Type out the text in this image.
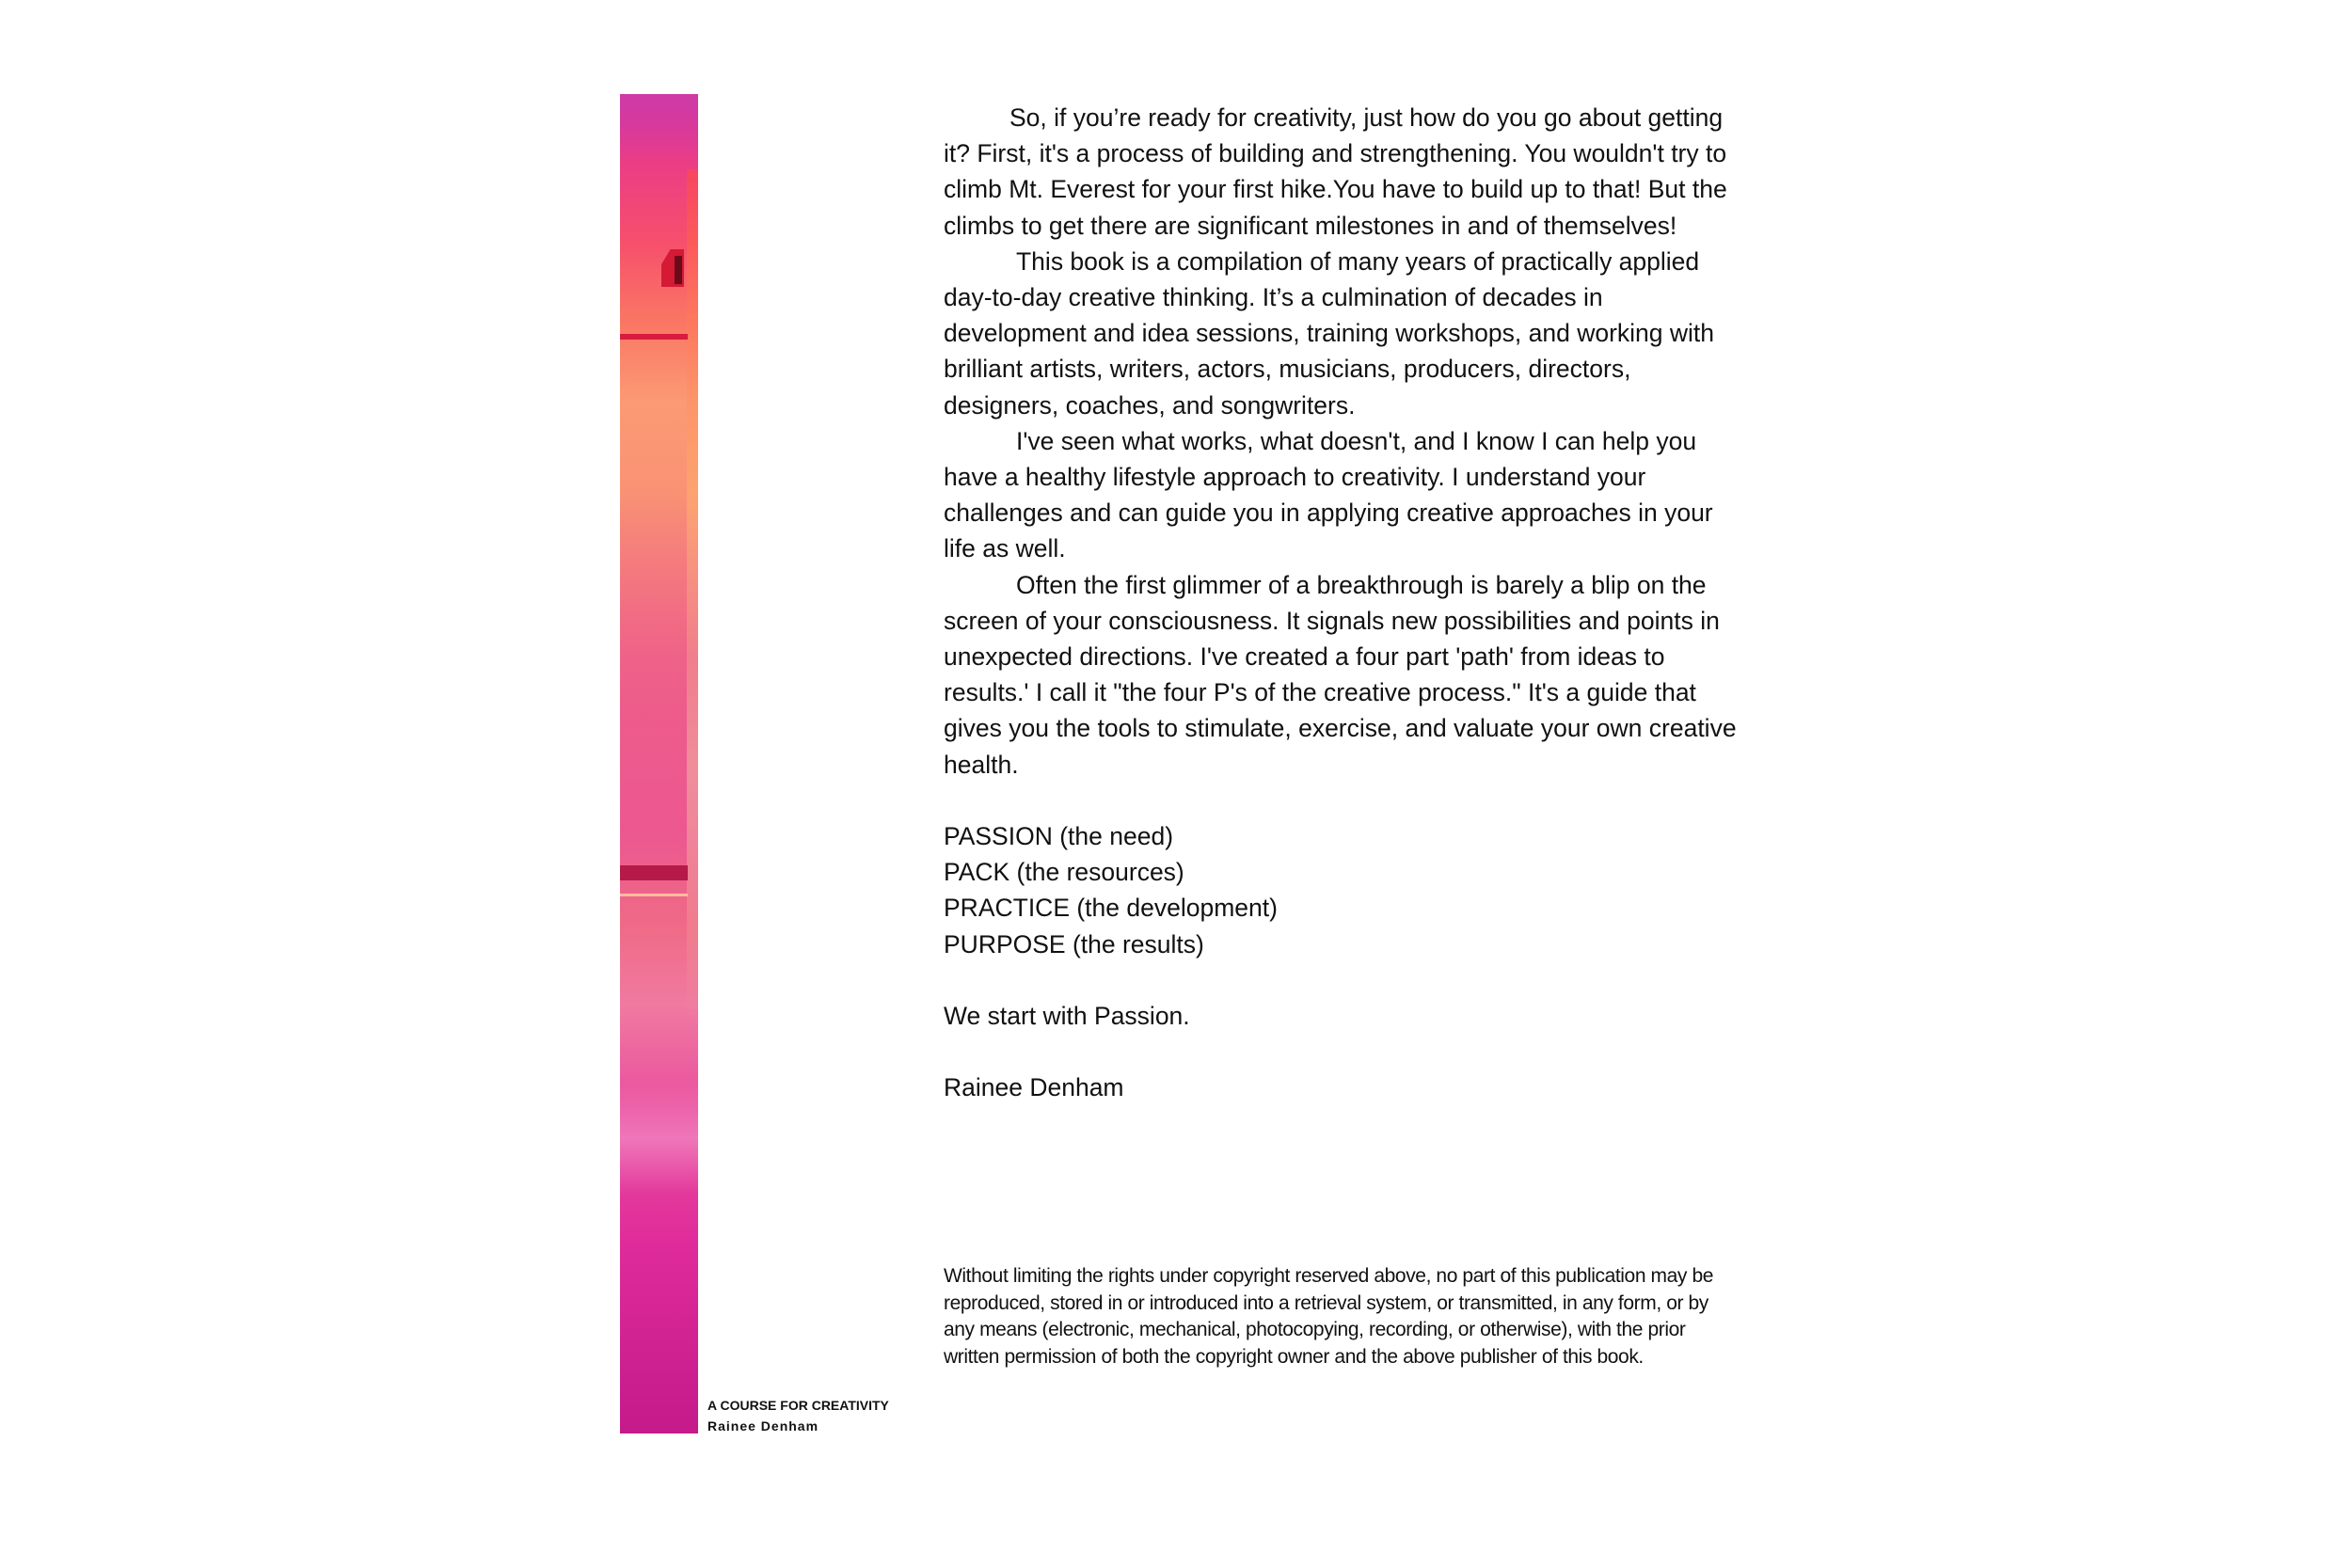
A COURSE FOR CREATIVITY
Rainee Denham

So, if you’re ready for creativity, just how do you go about getting it? First, it's a process of building and strengthening. You wouldn't try to climb Mt. Everest for your first hike.You have to build up to that! But the climbs to get there are significant milestones in and of themselves!

This book is a compilation of many years of practically applied day-to-day creative thinking. It’s a culmination of decades in development and idea sessions, training workshops, and working with brilliant artists, writers, actors, musicians, producers, directors, designers, coaches, and songwriters.

I've seen what works, what doesn't, and I know I can help you have a healthy lifestyle approach to creativity. I understand your challenges and can guide you in applying creative approaches in your life as well.

Often the first glimmer of a breakthrough is barely a blip on the screen of your consciousness. It signals new possibilities and points in unexpected directions. I've created a four part 'path' from ideas to results.' I call it "the four P's of the creative process." It's a guide that gives you the tools to stimulate, exercise, and valuate your own creative health.

PASSION (the need)

PACK (the resources)

PRACTICE (the development)

PURPOSE (the results)

We start with Passion.

Rainee Denham

Without limiting the rights under copyright reserved above, no part of this publication may be reproduced, stored in or introduced into a retrieval system, or transmitted, in any form, or by any means (electronic, mechanical, photocopying, recording, or otherwise), with the prior written permission of both the copyright owner and the above publisher of this book.
